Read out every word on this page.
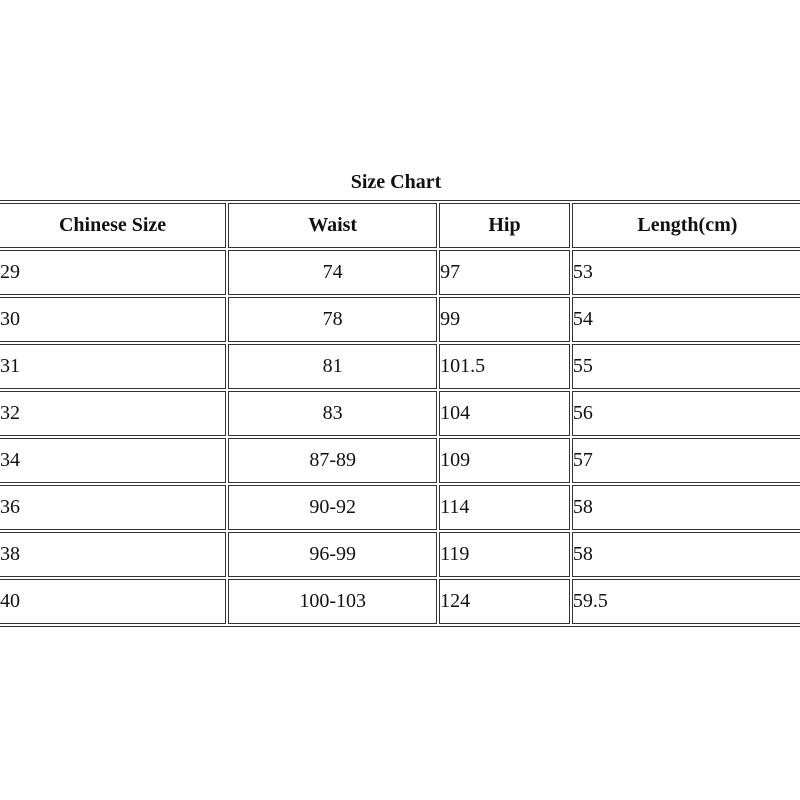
Size Chart
Chinese Size	Waist	Hip	Length(cm)
29	74	97	53
30	78	99	54
31	81	101.5	55
32	83	104	56
34	87-89	109	57
36	90-92	114	58
38	96-99	119	58
40	100-103	124	59.5
